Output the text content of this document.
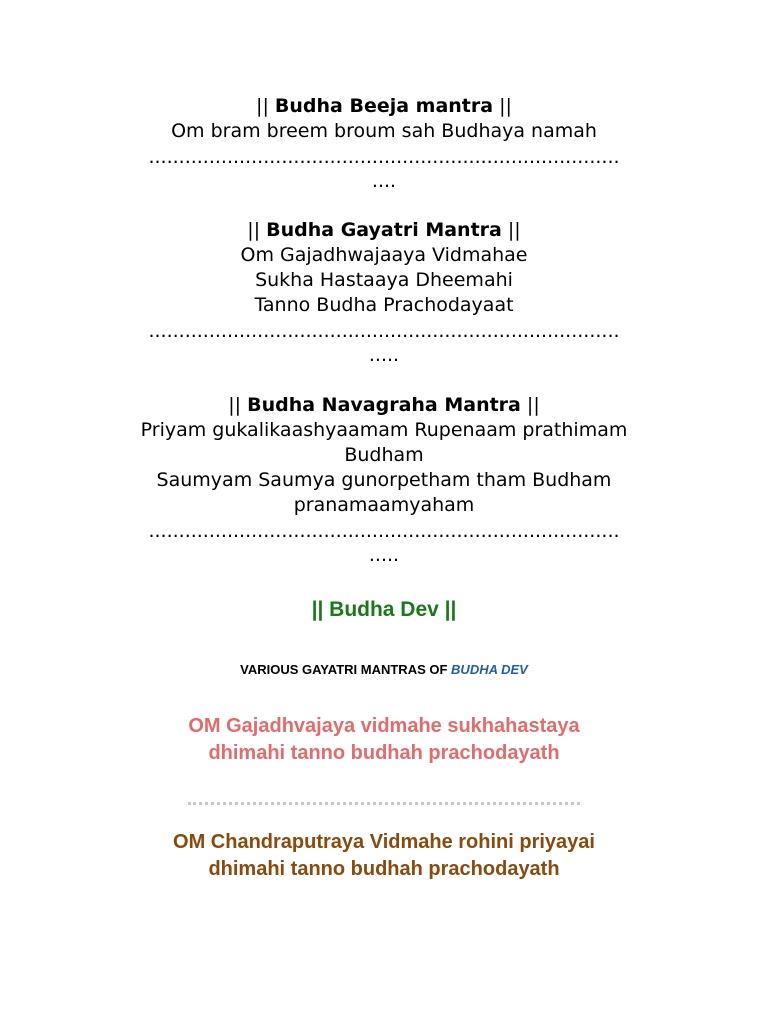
|| Budha Beeja mantra ||
Om bram breem broum sah Budhaya namah
..............................................................................
....
|| Budha Gayatri Mantra ||
Om Gajadhwajaaya Vidmahae
Sukha Hastaaya Dheemahi
Tanno Budha Prachodayaat
..............................................................................
.....
|| Budha Navagraha Mantra ||
Priyam gukalikaashyaamam Rupenaam prathimam
Budham
Saumyam Saumya gunorpetham tham Budham
pranamaamyaham
..............................................................................
.....
|| Budha Dev ||
VARIOUS GAYATRI MANTRAS OF BUDHA DEV
OM Gajadhvajaya vidmahe sukhahastaya
dhimahi tanno budhah prachodayath
OM Chandraputraya Vidmahe rohini priyayai
dhimahi tanno budhah prachodayath
